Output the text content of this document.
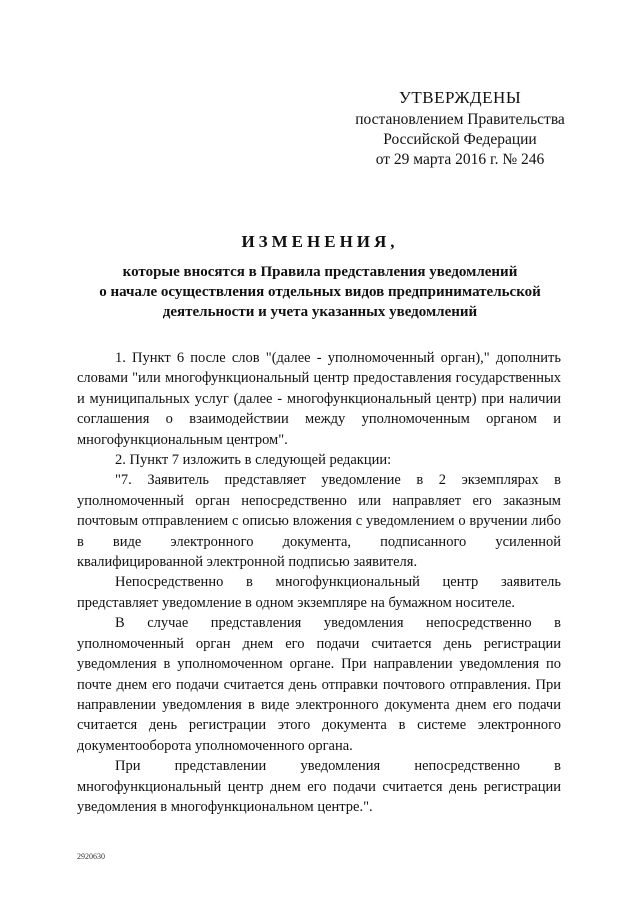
УТВЕРЖДЕНЫ
постановлением Правительства
Российской Федерации
от 29 марта 2016 г. № 246
ИЗМЕНЕНИЯ,
которые вносятся в Правила представления уведомлений
о начале осуществления отдельных видов предпринимательской
деятельности и учета указанных уведомлений

1. Пункт 6 после слов "(далее - уполномоченный орган)," дополнить словами "или многофункциональный центр предоставления государственных и муниципальных услуг (далее - многофункциональный центр) при наличии соглашения о взаимодействии между уполномоченным органом и многофункциональным центром".

2. Пункт 7 изложить в следующей редакции:

"7. Заявитель представляет уведомление в 2 экземплярах в уполномоченный орган непосредственно или направляет его заказным почтовым отправлением с описью вложения с уведомлением о вручении либо в виде электронного документа, подписанного усиленной квалифицированной электронной подписью заявителя.

Непосредственно в многофункциональный центр заявитель представляет уведомление в одном экземпляре на бумажном носителе.

В случае представления уведомления непосредственно в уполномоченный орган днем его подачи считается день регистрации уведомления в уполномоченном органе. При направлении уведомления по почте днем его подачи считается день отправки почтового отправления. При направлении уведомления в виде электронного документа днем его подачи считается день регистрации этого документа в системе электронного документооборота уполномоченного органа.

При представлении уведомления непосредственно в многофункциональный центр днем его подачи считается день регистрации уведомления в многофункциональном центре.".

2920630
